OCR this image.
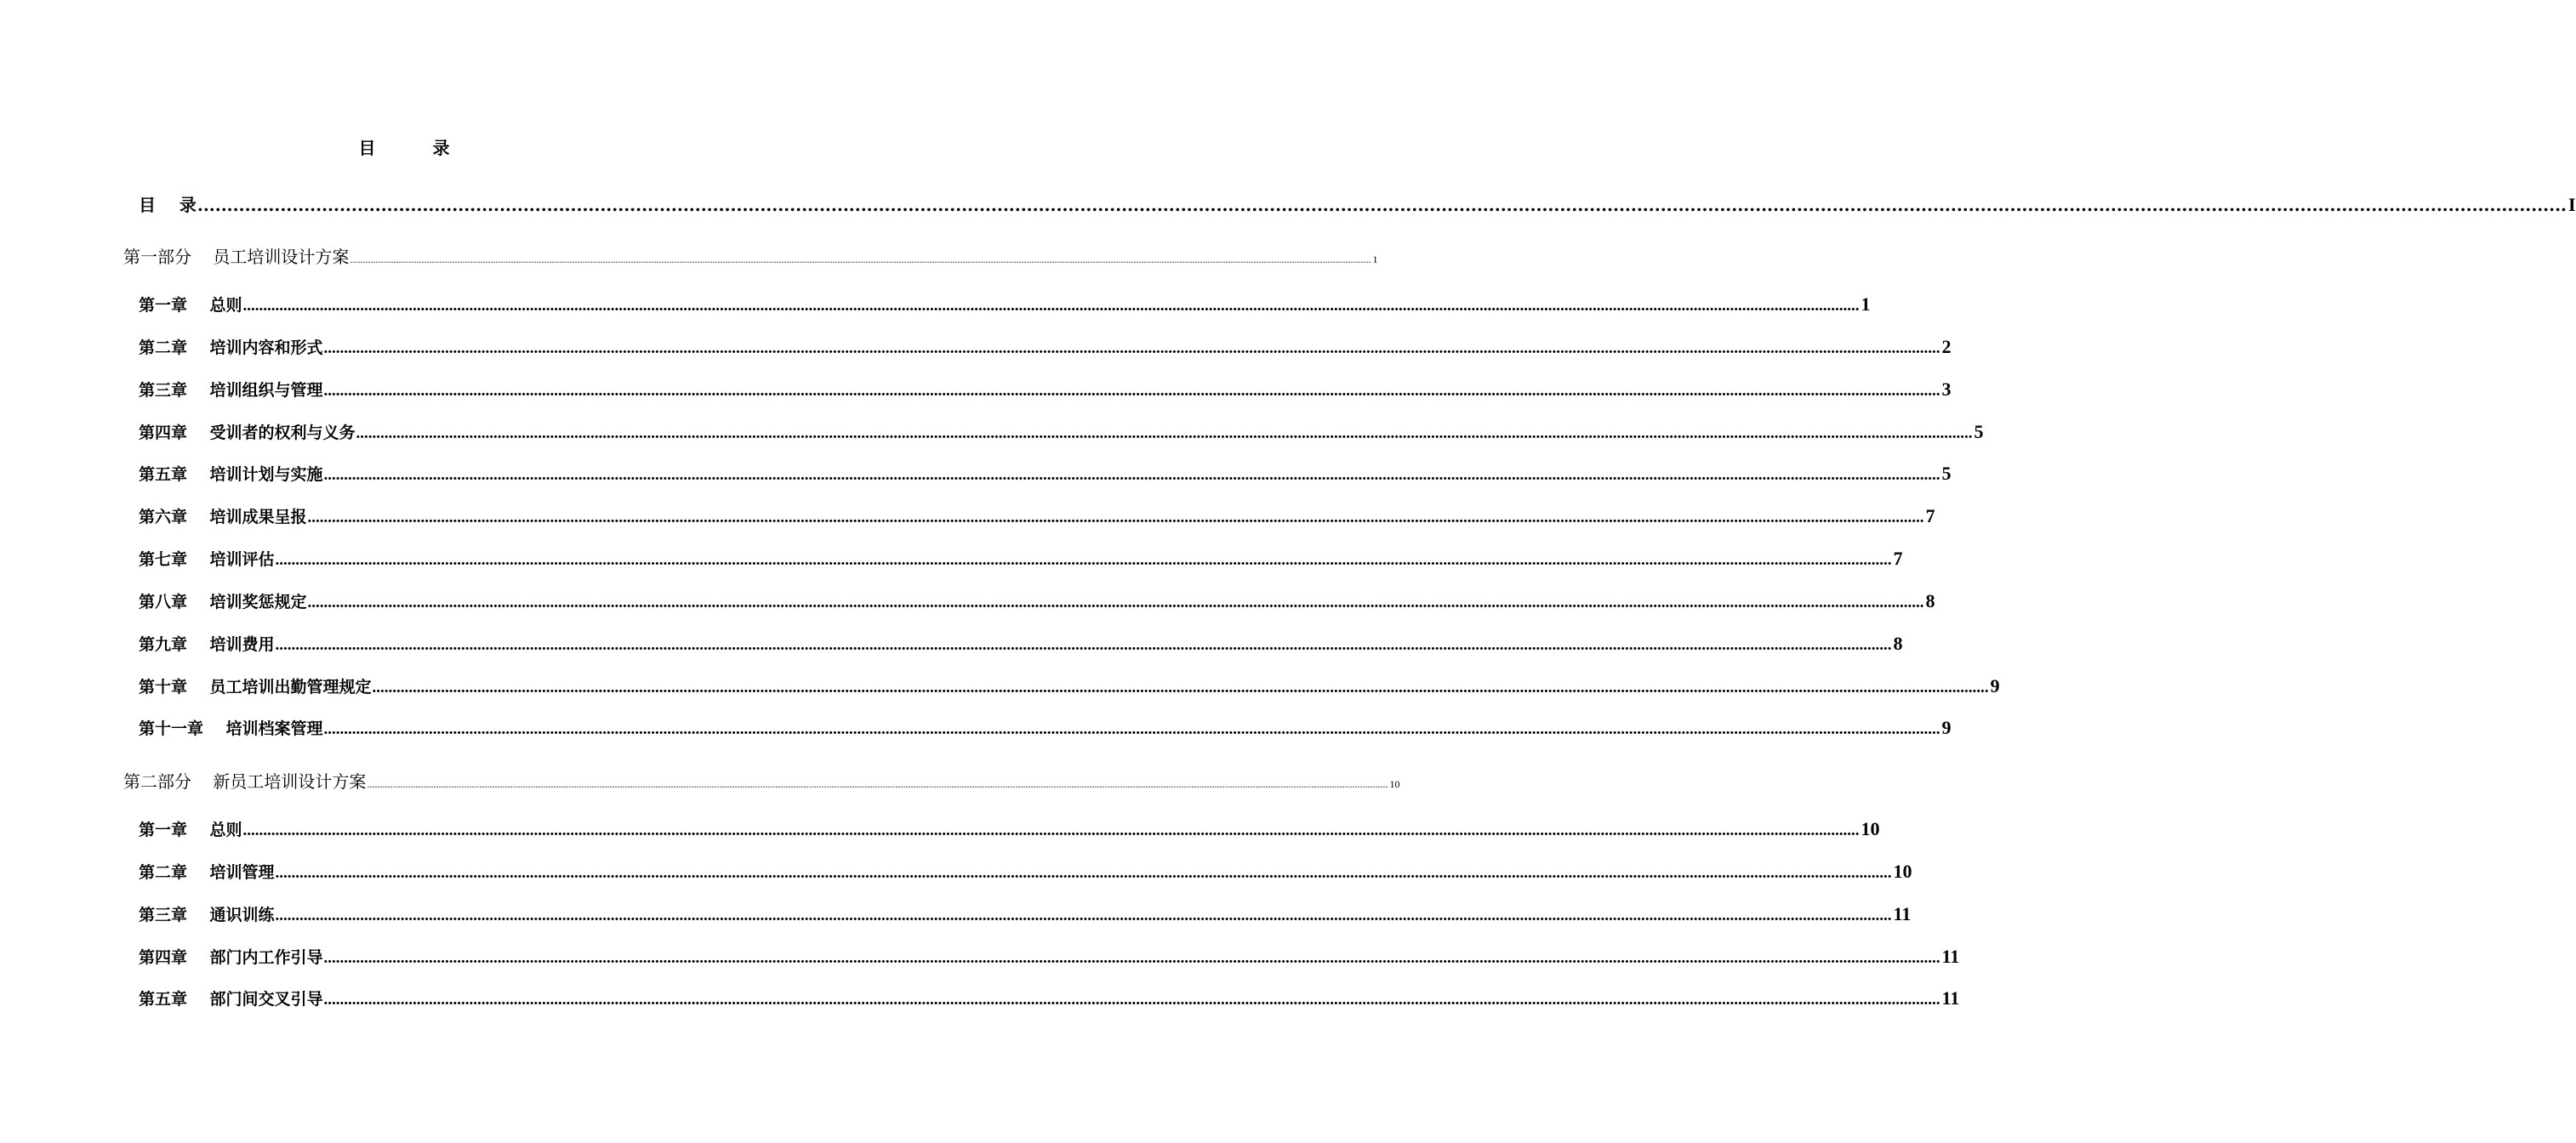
目 录
目    录 ................................................................................................................................................................................................................................................................................................................................................................................................................ I
第一部分    员工培训设计方案 ................................................................................................................................................................................................................................................................................................................................................................................................................ 1
第一章    总则 ................................................................................................................................................................................................................................................................................................................................................................................................................ 1
第二章    培训内容和形式 ................................................................................................................................................................................................................................................................................................................................................................................................................ 2
第三章    培训组织与管理 ................................................................................................................................................................................................................................................................................................................................................................................................................ 3
第四章    受训者的权利与义务 ................................................................................................................................................................................................................................................................................................................................................................................................................ 5
第五章    培训计划与实施 ................................................................................................................................................................................................................................................................................................................................................................................................................ 5
第六章    培训成果呈报 ................................................................................................................................................................................................................................................................................................................................................................................................................ 7
第七章    培训评估 ................................................................................................................................................................................................................................................................................................................................................................................................................ 7
第八章    培训奖惩规定 ................................................................................................................................................................................................................................................................................................................................................................................................................ 8
第九章    培训费用 ................................................................................................................................................................................................................................................................................................................................................................................................................ 8
第十章    员工培训出勤管理规定 ................................................................................................................................................................................................................................................................................................................................................................................................................ 9
第十一章    培训档案管理 ................................................................................................................................................................................................................................................................................................................................................................................................................ 9
第二部分    新员工培训设计方案 ................................................................................................................................................................................................................................................................................................................................................................................................................ 10
第一章    总则 ................................................................................................................................................................................................................................................................................................................................................................................................................ 10
第二章    培训管理 ................................................................................................................................................................................................................................................................................................................................................................................................................ 10
第三章    通识训练 ................................................................................................................................................................................................................................................................................................................................................................................................................ 11
第四章    部门内工作引导 ................................................................................................................................................................................................................................................................................................................................................................................................................ 11
第五章    部门间交叉引导 ................................................................................................................................................................................................................................................................................................................................................................................................................ 11
